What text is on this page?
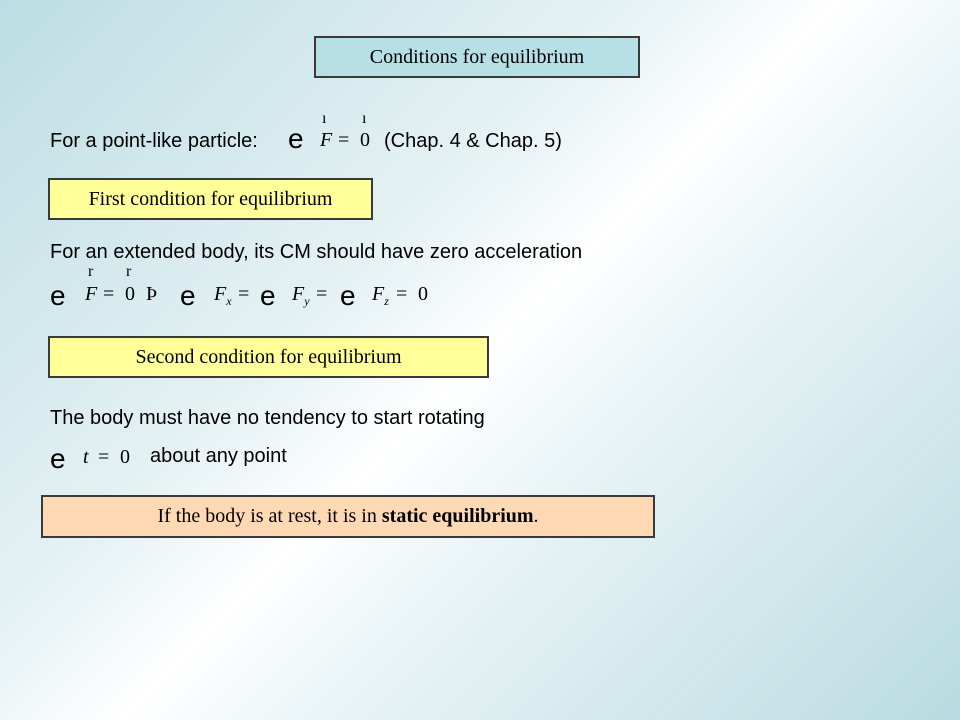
Conditions for equilibrium
For a point-like particle: e
ı ı
F = 0 (Chap. 4 & Chap. 5)
First condition for equilibrium
For an extended body, its CM should have zero acceleration
r r
e F = 0 Þ e $F_x = e$ $F_y = e$ $F_z = 0$
Second condition for equilibrium
The body must have no tendency to start rotating
e t = 0 about any point
If the body is at rest, it is in static equilibrium.
